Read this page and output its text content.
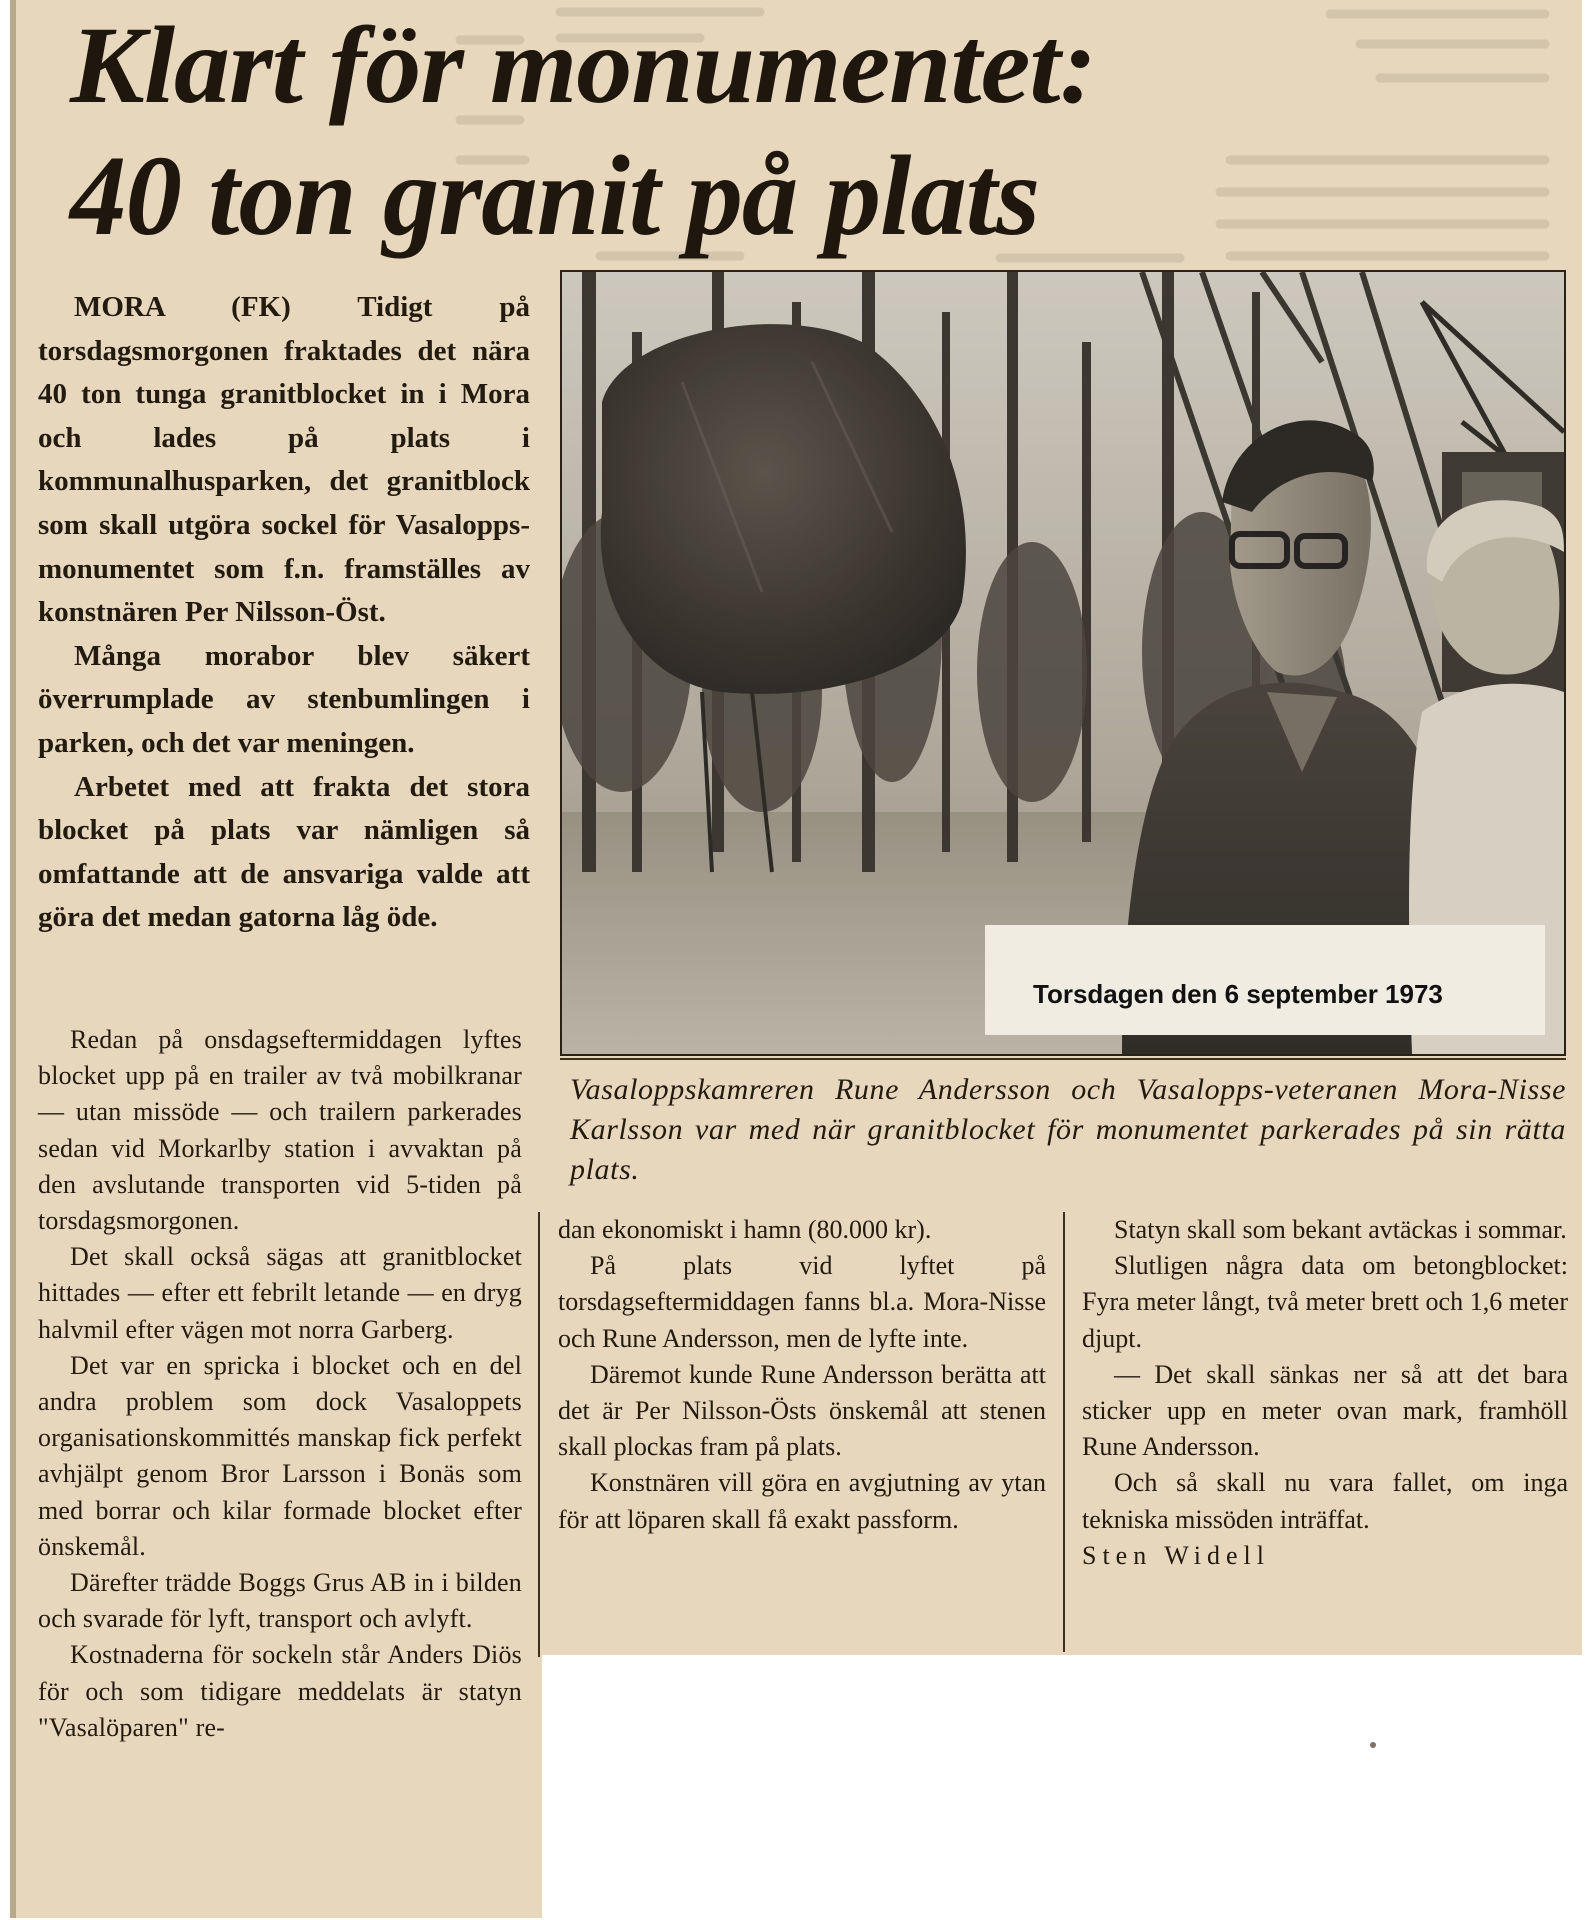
Klart för monumentet:
40 ton granit på plats

MORA (FK) Tidigt på torsdagsmorgonen fraktades det nära 40 ton tunga granitblocket in i Mora och lades på plats i kommunalhusparken, det granitblock som skall utgöra sockel för Vasalopps-monumentet som f.n. framställes av konstnären Per Nilsson-Öst.

Många morabor blev säkert överrumplade av stenbumlingen i parken, och det var meningen.

Arbetet med att frakta det stora blocket på plats var nämligen så omfattande att de ansvariga valde att göra det medan gatorna låg öde.

Redan på onsdagseftermiddagen lyftes blocket upp på en trailer av två mobilkranar — utan missöde — och trailern parkerades sedan vid Morkarlby station i avvaktan på den avslutande transporten vid 5-tiden på torsdagsmorgonen.

Det skall också sägas att granitblocket hittades — efter ett febrilt letande — en dryg halvmil efter vägen mot norra Garberg.

Det var en spricka i blocket och en del andra problem som dock Vasaloppets organisationskommittés manskap fick perfekt avhjälpt genom Bror Larsson i Bonäs som med borrar och kilar formade blocket efter önskemål.

Därefter trädde Boggs Grus AB in i bilden och svarade för lyft, transport och avlyft.

Kostnaderna för sockeln står Anders Diös för och som tidigare meddelats är statyn "Vasalöparen" re-

Torsdagen den 6 september 1973

Vasaloppskamreren Rune Andersson och Vasalopps-veteranen Mora-Nisse Karlsson var med när granitblocket för monumentet parkerades på sin rätta plats.

dan ekonomiskt i hamn (80.000 kr).

På plats vid lyftet på torsdagseftermiddagen fanns bl.a. Mora-Nisse och Rune Andersson, men de lyfte inte.

Däremot kunde Rune Andersson berätta att det är Per Nilsson-Östs önskemål att stenen skall plockas fram på plats.

Konstnären vill göra en avgjutning av ytan för att löparen skall få exakt passform.

Statyn skall som bekant avtäckas i sommar.

Slutligen några data om betongblocket: Fyra meter långt, två meter brett och 1,6 meter djupt.

— Det skall sänkas ner så att det bara sticker upp en meter ovan mark, framhöll Rune Andersson.

Och så skall nu vara fallet, om inga tekniska missöden inträffat.

Sten Widell
